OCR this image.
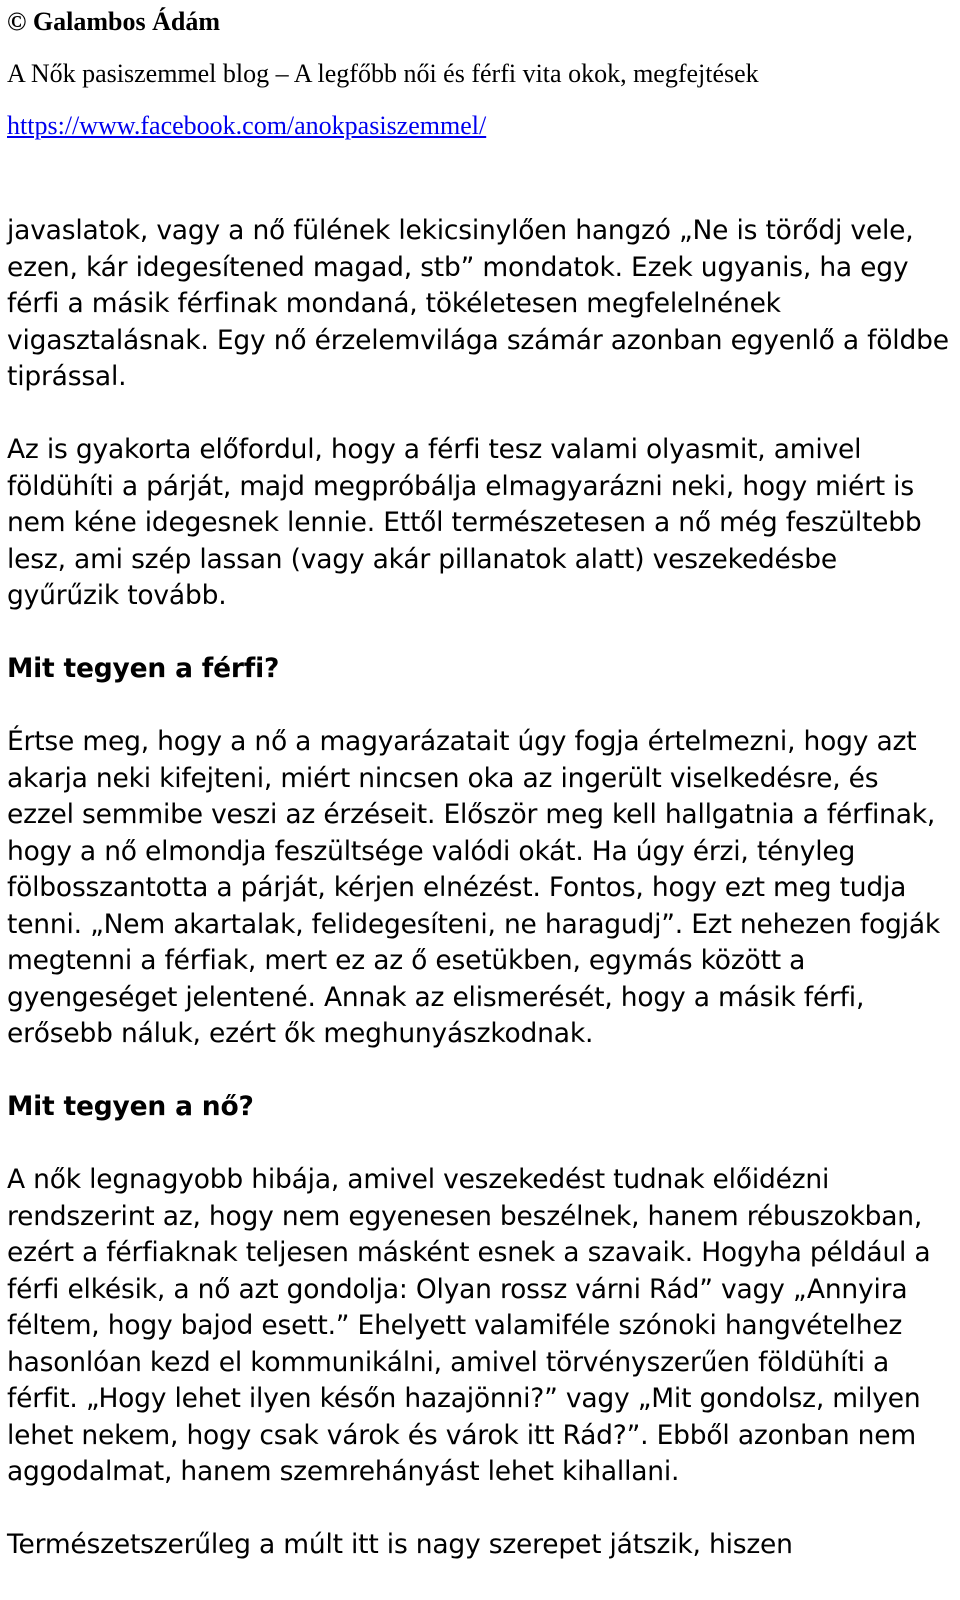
© Galambos Ádám
A Nők pasiszemmel blog – A legfőbb női és férfi vita okok, megfejtések
https://www.facebook.com/anokpasiszemmel/

javaslatok, vagy a nő fülének lekicsinylően hangzó „Ne is törődj vele, ezen, kár idegesítened magad, stb” mondatok. Ezek ugyanis, ha egy férfi a másik férfinak mondaná, tökéletesen megfelelnének vigasztalásnak. Egy nő érzelemvilága számár azonban egyenlő a földbe tiprással.

Az is gyakorta előfordul, hogy a férfi tesz valami olyasmit, amivel földühíti a párját, majd megpróbálja elmagyarázni neki, hogy miért is nem kéne idegesnek lennie. Ettől természetesen a nő még feszültebb lesz, ami szép lassan (vagy akár pillanatok alatt) veszekedésbe gyűrűzik tovább.

Mit tegyen a férfi?

Értse meg, hogy a nő a magyarázatait úgy fogja értelmezni, hogy azt akarja neki kifejteni, miért nincsen oka az ingerült viselkedésre, és ezzel semmibe veszi az érzéseit. Először meg kell hallgatnia a férfinak, hogy a nő elmondja feszültsége valódi okát. Ha úgy érzi, tényleg fölbosszantotta a párját, kérjen elnézést. Fontos, hogy ezt meg tudja tenni. „Nem akartalak, felidegesíteni, ne haragudj”. Ezt nehezen fogják megtenni a férfiak, mert ez az ő esetükben, egymás között a gyengeséget jelentené. Annak az elismerését, hogy a másik férfi, erősebb náluk, ezért ők meghunyászkodnak.

Mit tegyen a nő?

A nők legnagyobb hibája, amivel veszekedést tudnak előidézni rendszerint az, hogy nem egyenesen beszélnek, hanem rébuszokban, ezért a férfiaknak teljesen másként esnek a szavaik. Hogyha például a férfi elkésik, a nő azt gondolja: Olyan rossz várni Rád” vagy „Annyira féltem, hogy bajod esett.” Ehelyett valamiféle szónoki hangvételhez hasonlóan kezd el kommunikálni, amivel törvényszerűen földühíti a férfit. „Hogy lehet ilyen későn hazajönni?” vagy „Mit gondolsz, milyen lehet nekem, hogy csak várok és várok itt Rád?”. Ebből azonban nem aggodalmat, hanem szemrehányást lehet kihallani.

Természetszerűleg a múlt itt is nagy szerepet játszik, hiszen
